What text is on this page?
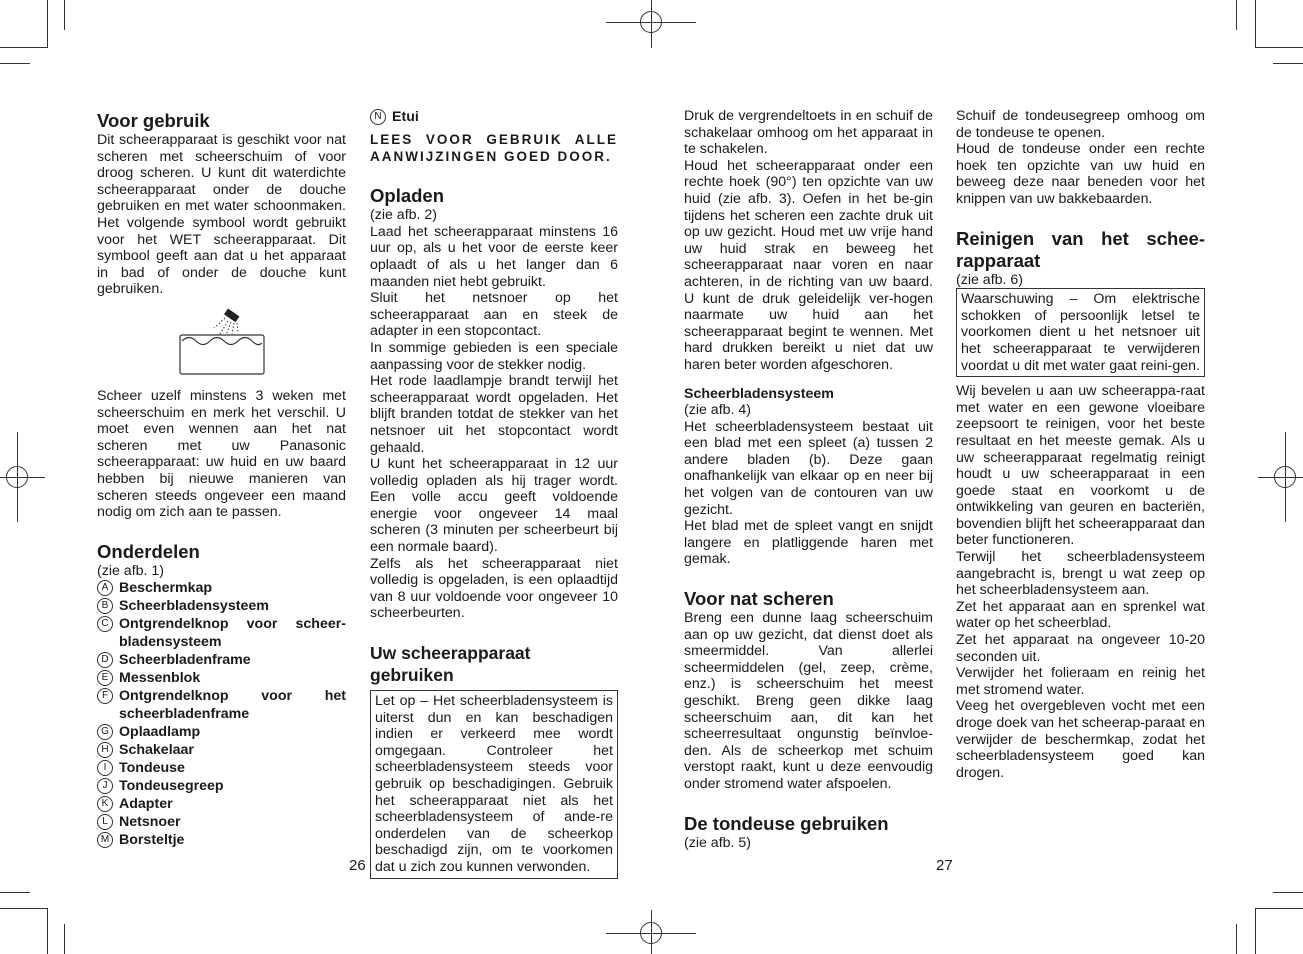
Voor gebruik

Dit scheerapparaat is geschikt voor nat scheren met scheerschuim of voor droog scheren. U kunt dit waterdichte scheerapparaat onder de douche gebruiken en met water schoonmaken. Het volgende symbool wordt gebruikt voor het WET scheerapparaat. Dit symbool geeft aan dat u het apparaat in bad of onder de douche kunt gebruiken.

Scheer uzelf minstens 3 weken met scheerschuim en merk het verschil. U moet even wennen aan het nat scheren met uw Panasonic scheerapparaat: uw huid en uw baard hebben bij nieuwe manieren van scheren steeds ongeveer een maand nodig om zich aan te passen.

Onderdelen
(zie afb. 1)
A Beschermkap
B Scheerbladensysteem
C Ontgrendelknop voor scheer-bladensysteem
D Scheerbladenframe
E Messenblok
F Ontgrendelknop voor het scheerbladenframe
G Oplaadlamp
H Schakelaar
I Tondeuse
J Tondeusegreep
K Adapter
L Netsnoer
M Borsteltje
N Etui

LEES VOOR GEBRUIK ALLE AANWIJZINGEN GOED DOOR.

Opladen
(zie afb. 2)

Laad het scheerapparaat minstens 16 uur op, als u het voor de eerste keer oplaadt of als u het langer dan 6 maanden niet hebt gebruikt.

Sluit het netsnoer op het scheerapparaat aan en steek de adapter in een stopcontact.

In sommige gebieden is een speciale aanpassing voor de stekker nodig.

Het rode laadlampje brandt terwijl het scheerapparaat wordt opgeladen. Het blijft branden totdat de stekker van het netsnoer uit het stopcontact wordt gehaald.

U kunt het scheerapparaat in 12 uur volledig opladen als hij trager wordt. Een volle accu geeft voldoende energie voor ongeveer 14 maal scheren (3 minuten per scheerbeurt bij een normale baard).

Zelfs als het scheerapparaat niet volledig is opgeladen, is een oplaadtijd van 8 uur voldoende voor ongeveer 10 scheerbeurten.

Uw scheerapparaat gebruiken

Let op – Het scheerbladensysteem is uiterst dun en kan beschadigen indien er verkeerd mee wordt omgegaan. Controleer het scheerbladensysteem steeds voor gebruik op beschadigingen. Gebruik het scheerapparaat niet als het scheerbladensysteem of ande-re onderdelen van de scheerkop beschadigd zijn, om te voorkomen dat u zich zou kunnen verwonden.

26

Druk de vergrendeltoets in en schuif de schakelaar omhoog om het apparaat in te schakelen.

Houd het scheerapparaat onder een rechte hoek (90°) ten opzichte van uw huid (zie afb. 3). Oefen in het be-gin tijdens het scheren een zachte druk uit op uw gezicht. Houd met uw vrije hand uw huid strak en beweeg het scheerapparaat naar voren en naar achteren, in de richting van uw baard. U kunt de druk geleidelijk ver-hogen naarmate uw huid aan het scheerapparaat begint te wennen. Met hard drukken bereikt u niet dat uw haren beter worden afgeschoren.

Scheerbladensysteem
(zie afb. 4)

Het scheerbladensysteem bestaat uit een blad met een spleet (a) tussen 2 andere bladen (b). Deze gaan onafhankelijk van elkaar op en neer bij het volgen van de contouren van uw gezicht.

Het blad met de spleet vangt en snijdt langere en platliggende haren met gemak.

Voor nat scheren

Breng een dunne laag scheerschuim aan op uw gezicht, dat dienst doet als smeermiddel. Van allerlei scheermiddelen (gel, zeep, crème, enz.) is scheerschuim het meest geschikt. Breng geen dikke laag scheerschuim aan, dit kan het scheerresultaat ongunstig beïnvloe-den. Als de scheerkop met schuim verstopt raakt, kunt u deze eenvoudig onder stromend water afspoelen.

De tondeuse gebruiken
(zie afb. 5)

Schuif de tondeusegreep omhoog om de tondeuse te openen.

Houd de tondeuse onder een rechte hoek ten opzichte van uw huid en beweeg deze naar beneden voor het knippen van uw bakkebaarden.

Reinigen van het schee-rapparaat
(zie afb. 6)

Waarschuwing – Om elektrische schokken of persoonlijk letsel te voorkomen dient u het netsnoer uit het scheerapparaat te verwijderen voordat u dit met water gaat reini-gen.

Wij bevelen u aan uw scheerappa-raat met water en een gewone vloeibare zeepsoort te reinigen, voor het beste resultaat en het meeste gemak. Als u uw scheerapparaat regelmatig reinigt houdt u uw scheerapparaat in een goede staat en voorkomt u de ontwikkeling van geuren en bacteriën, bovendien blijft het scheerapparaat dan beter functioneren.

Terwijl het scheerbladensysteem aangebracht is, brengt u wat zeep op het scheerbladensysteem aan.

Zet het apparaat aan en sprenkel wat water op het scheerblad.

Zet het apparaat na ongeveer 10-20 seconden uit.

Verwijder het folieraam en reinig het met stromend water.

Veeg het overgebleven vocht met een droge doek van het scheerap-paraat en verwijder de beschermkap, zodat het scheerbladensysteem goed kan drogen.

27
